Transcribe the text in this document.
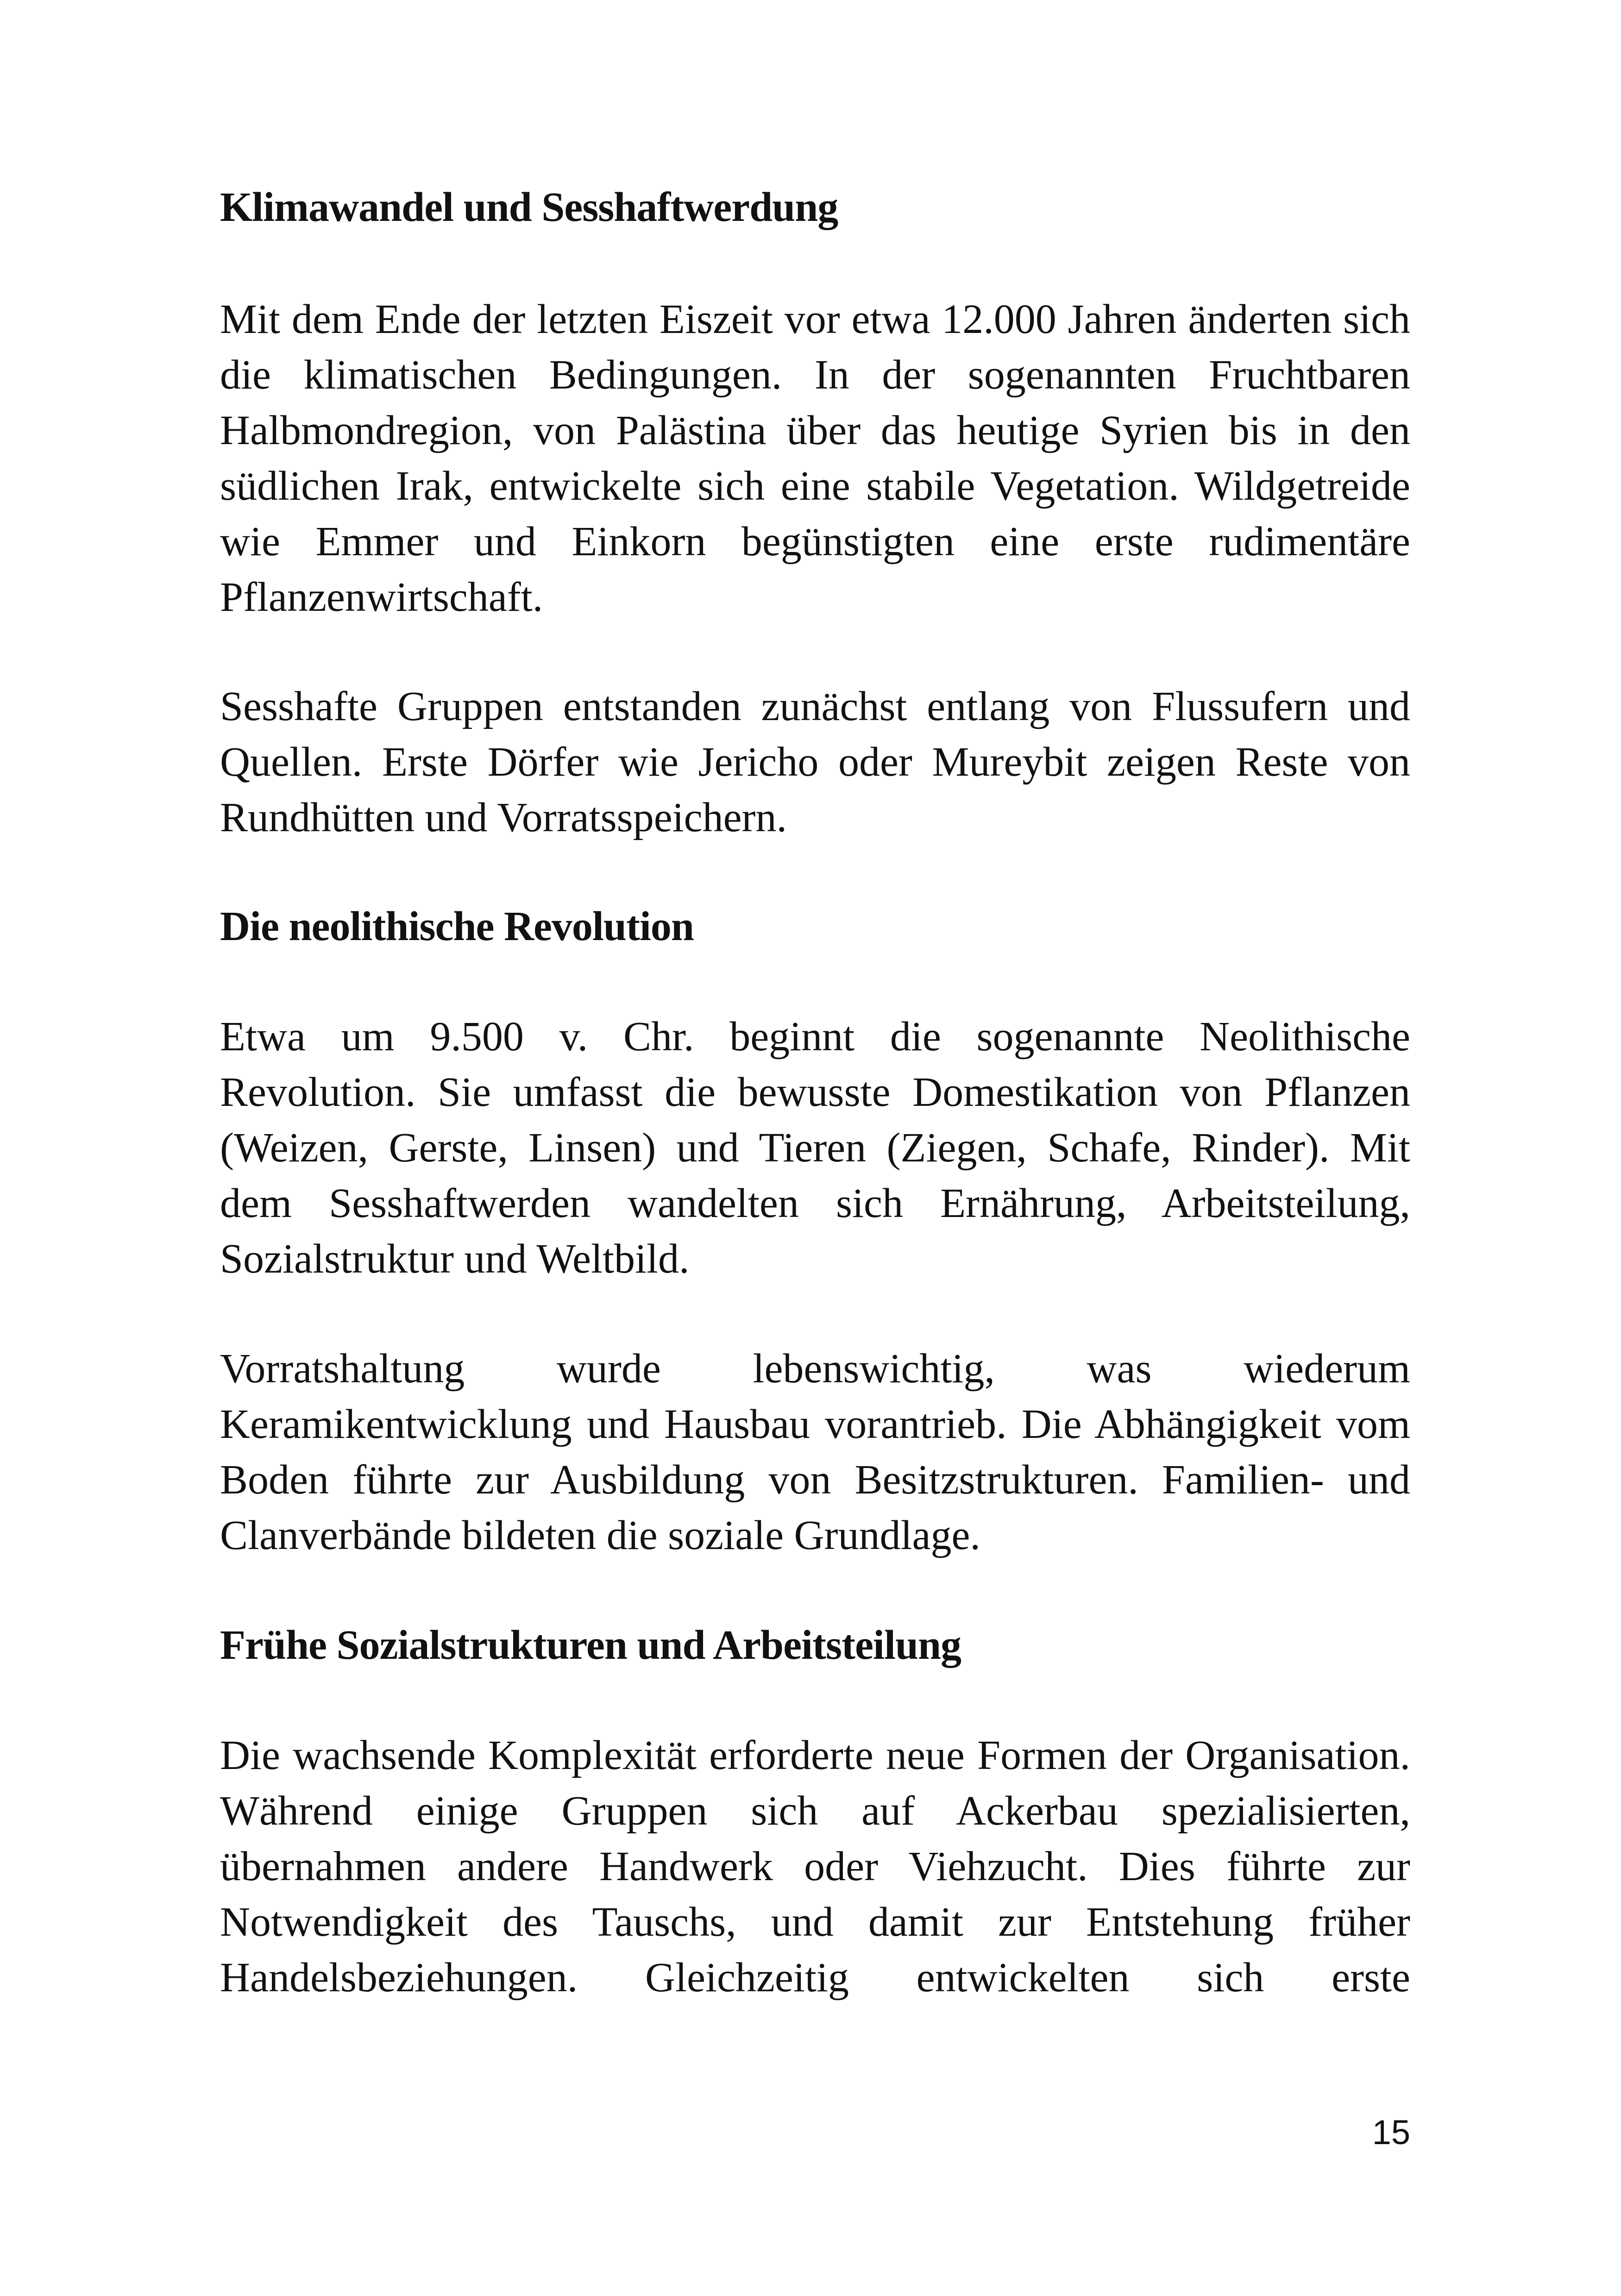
Klimawandel und Sesshaftwerdung

Mit dem Ende der letzten Eiszeit vor etwa 12.000 Jahren änderten sich die klimatischen Bedingungen. In der sogenannten Fruchtbaren Halbmondregion, von Palästina über das heutige Syrien bis in den südlichen Irak, entwickelte sich eine stabile Vegetation. Wildgetreide wie Emmer und Einkorn begünstigten eine erste rudimentäre Pflanzenwirtschaft.

Sesshafte Gruppen entstanden zunächst entlang von Flussufern und Quellen. Erste Dörfer wie Jericho oder Mureybit zeigen Reste von Rundhütten und Vorratsspeichern.

Die neolithische Revolution

Etwa um 9.500 v. Chr. beginnt die sogenannte Neolithische Revolution. Sie umfasst die bewusste Domestikation von Pflanzen (Weizen, Gerste, Linsen) und Tieren (Ziegen, Schafe, Rinder). Mit dem Sesshaftwerden wandelten sich Ernährung, Arbeitsteilung, Sozialstruktur und Weltbild.

Vorratshaltung wurde lebenswichtig, was wiederum Keramikentwicklung und Hausbau vorantrieb. Die Abhängigkeit vom Boden führte zur Ausbildung von Besitzstrukturen. Familien- und Clanverbände bildeten die soziale Grundlage.

Frühe Sozialstrukturen und Arbeitsteilung

Die wachsende Komplexität erforderte neue Formen der Organisation. Während einige Gruppen sich auf Ackerbau spezialisierten, übernahmen andere Handwerk oder Viehzucht. Dies führte zur Notwendigkeit des Tauschs, und damit zur Entstehung früher Handelsbeziehungen. Gleichzeitig entwickelten sich erste

15
